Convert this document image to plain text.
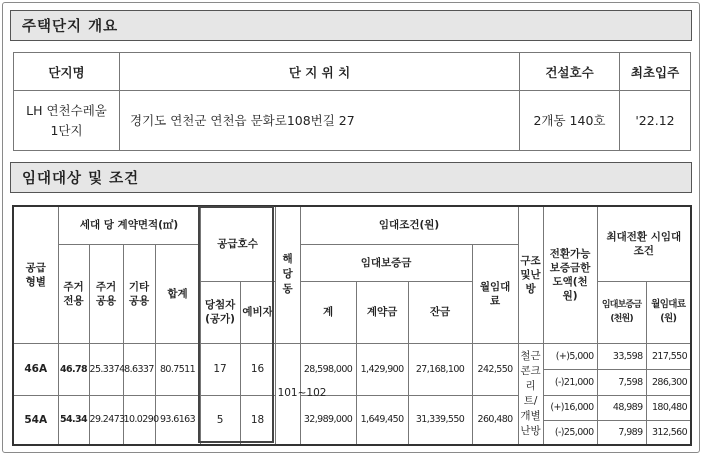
주택단지 개요
단지명	단 지 위 치	건설호수	최초입주
LH 연천수레울
1단지	경기도 연천군 연천읍 문화로108번길 27	2개동 140호	'22.12
임대대상 및 조건
공급형별	세대 당 계약면적(㎡)				공급호수		해당동	임대조건(원)				구조및난방	전환가능보증금한도액(천원)	최대전환 시임대조건	
	주거전용	주거공용	기타공용	합계				임대보증금			월임대료				
					당첨자(공가)	예비자		계	계약금	잔금				임대보증금(천원)	월임대료(원)
46A	46.78	25.3374	8.6337	80.7511	17	16	101~102	28,598,000	1,429,900	27,168,100	242,550	철근콘크리트/개별난방	(+)5,000	33,598	217,550
													(-)21,000	7,598	286,300
54A	54.34	29.2473	10.0290	93.6163	5	18		32,989,000	1,649,450	31,339,550	260,480		(+)16,000	48,989	180,480
													(-)25,000	7,989	312,560
